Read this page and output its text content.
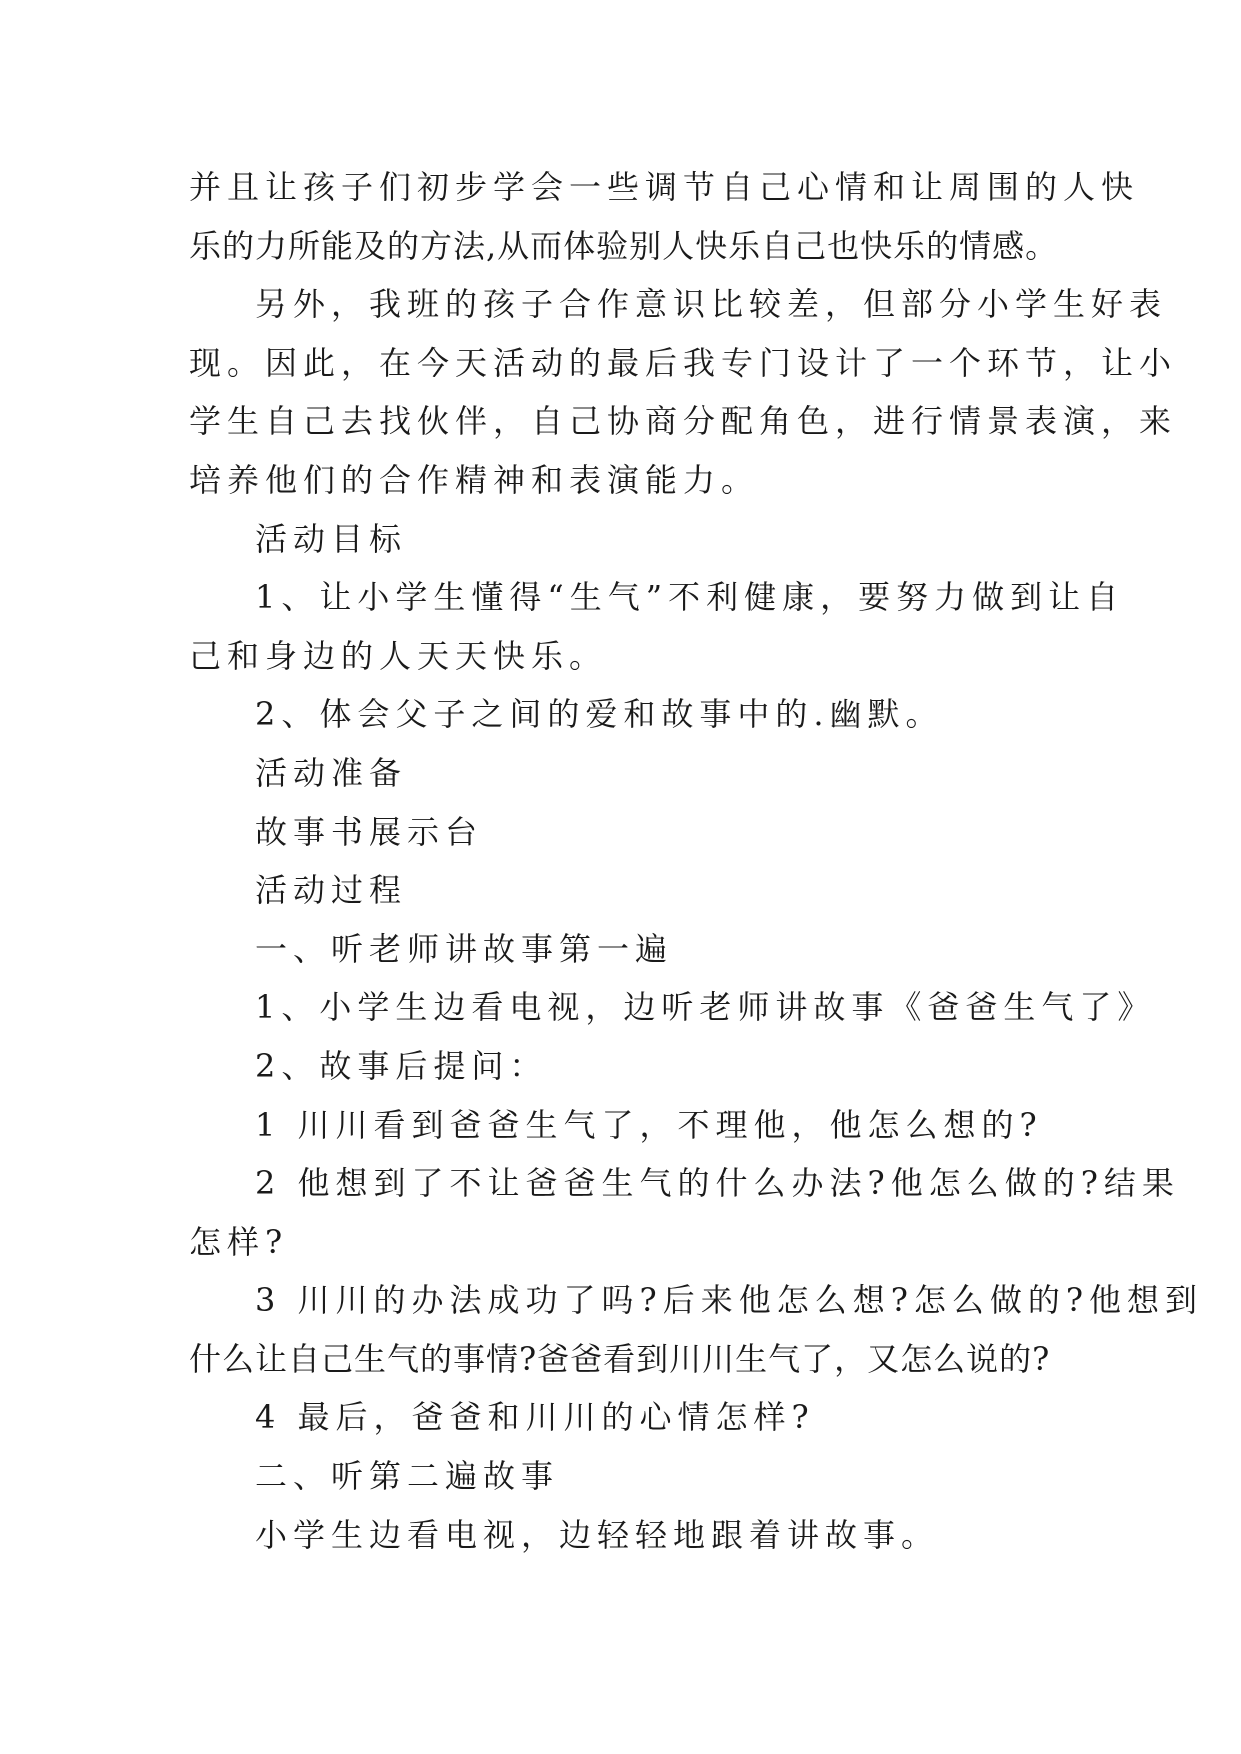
并且让孩子们初步学会一些调节自己心情和让周围的人快
乐的力所能及的方法,从而体验别人快乐自己也快乐的情感。
另外，我班的孩子合作意识比较差，但部分小学生好表
现。因此，在今天活动的最后我专门设计了一个环节，让小
学生自己去找伙伴，自己协商分配角色，进行情景表演，来
培养他们的合作精神和表演能力。
活动目标
1、让小学生懂得“生气”不利健康，要努力做到让自
己和身边的人天天快乐。
2、体会父子之间的爱和故事中的.幽默。
活动准备
故事书展示台
活动过程
一、听老师讲故事第一遍
1、小学生边看电视，边听老师讲故事《爸爸生气了》
2、故事后提问：
1 川川看到爸爸生气了，不理他，他怎么想的?
2 他想到了不让爸爸生气的什么办法?他怎么做的?结果
怎样?
3 川川的办法成功了吗?后来他怎么想?怎么做的?他想到
什么让自己生气的事情?爸爸看到川川生气了，又怎么说的?
4 最后，爸爸和川川的心情怎样?
二、听第二遍故事
小学生边看电视，边轻轻地跟着讲故事。
